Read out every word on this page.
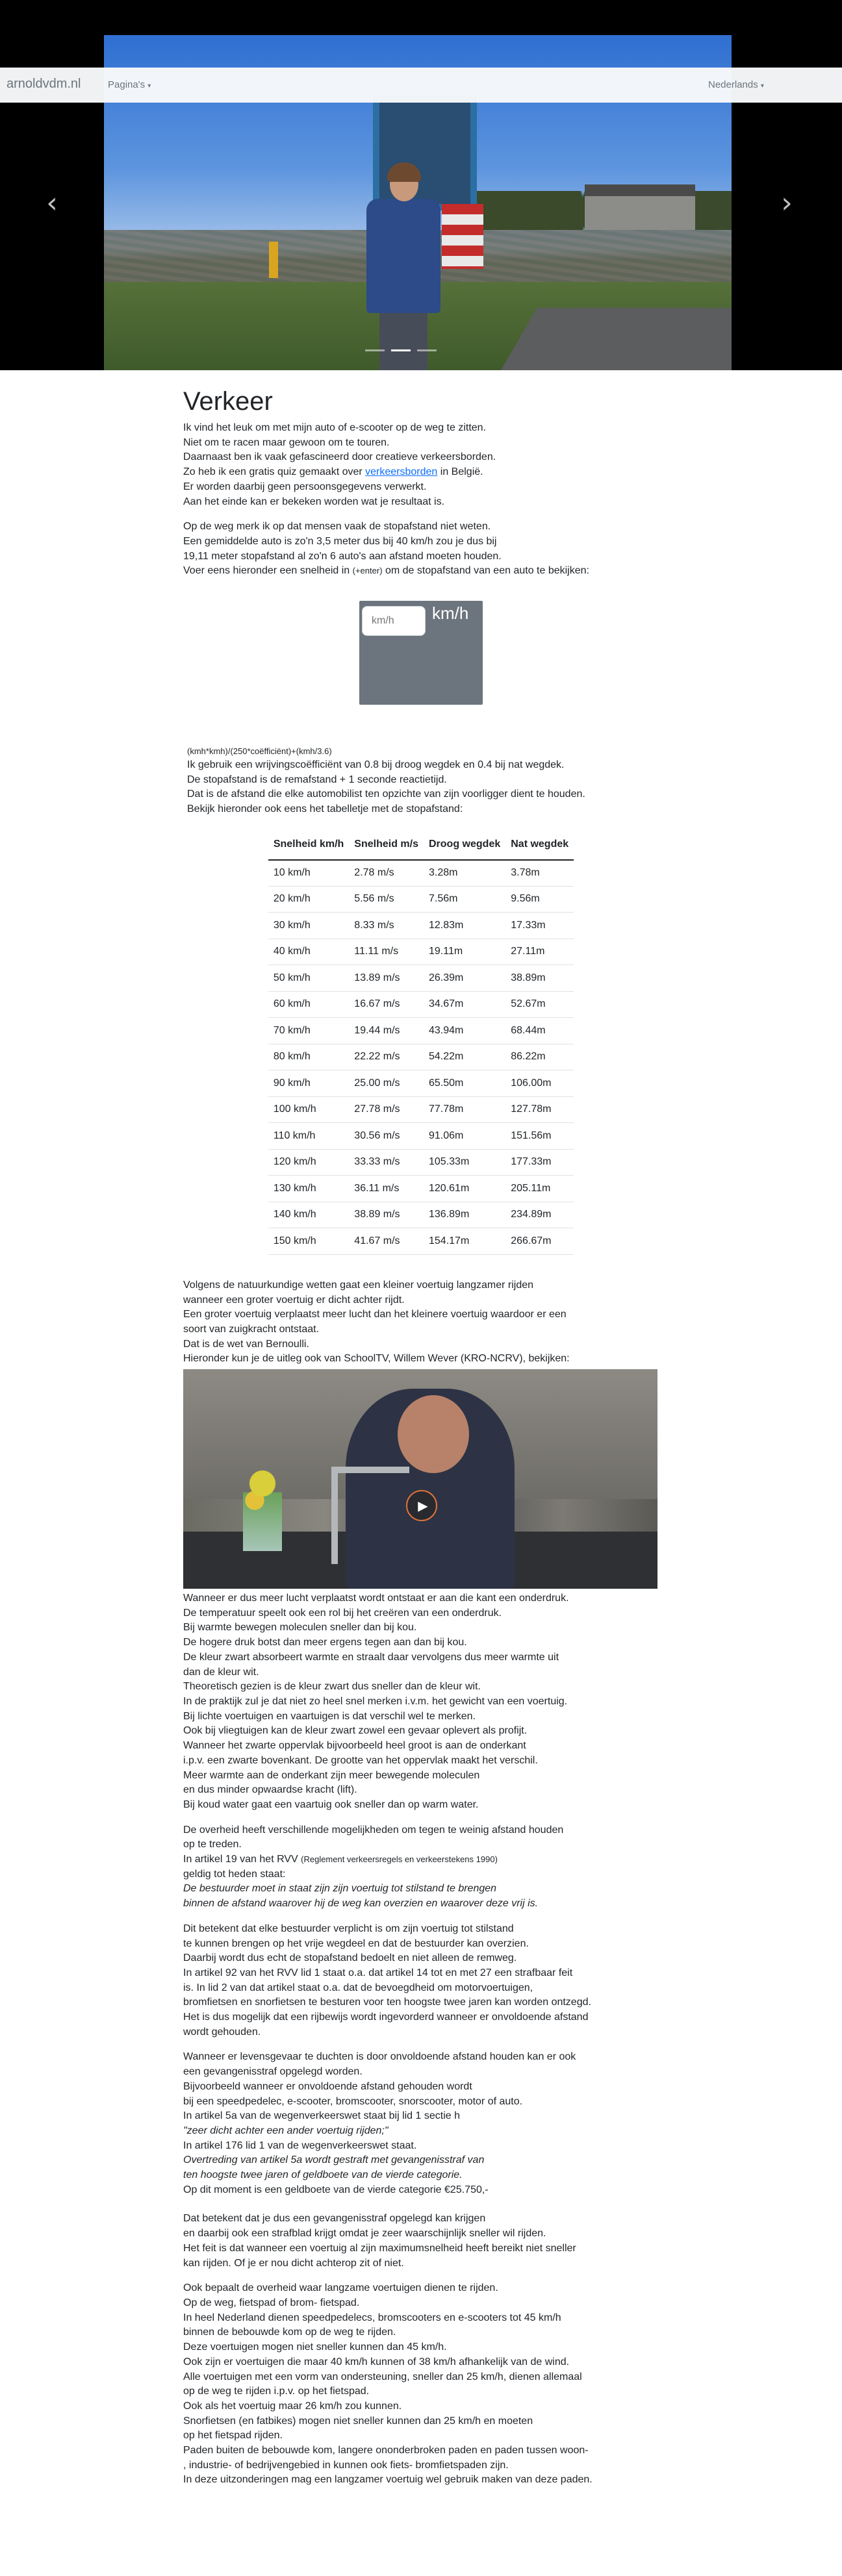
‹	›
arnoldvdm.nl	Pagina's ▾	Nederlands ▾
Verkeer
Ik vind het leuk om met mijn auto of e-scooter op de weg te zitten.
Niet om te racen maar gewoon om te touren.
Daarnaast ben ik vaak gefascineerd door creatieve verkeersborden.
Zo heb ik een gratis quiz gemaakt over verkeersborden in België.
Er worden daarbij geen persoonsgegevens verwerkt.
Aan het einde kan er bekeken worden wat je resultaat is.
Op de weg merk ik op dat mensen vaak de stopafstand niet weten.
Een gemiddelde auto is zo'n 3,5 meter dus bij 40 km/h zou je dus bij
19,11 meter stopafstand al zo'n 6 auto's aan afstand moeten houden.
Voer eens hieronder een snelheid in (+enter) om de stopafstand van een auto te bekijken:
km/h
km/h
(kmh*kmh)/(250*coëfficiënt)+(kmh/3.6)
Ik gebruik een wrijvingscoëfficiënt van 0.8 bij droog wegdek en 0.4 bij nat wegdek.
De stopafstand is de remafstand + 1 seconde reactietijd.
Dat is de afstand die elke automobilist ten opzichte van zijn voorligger dient te houden.
Bekijk hieronder ook eens het tabelletje met de stopafstand:
Snelheid km/h	Snelheid m/s	Droog wegdek	Nat wegdek
10 km/h	2.78 m/s	3.28m	3.78m
20 km/h	5.56 m/s	7.56m	9.56m
30 km/h	8.33 m/s	12.83m	17.33m
40 km/h	11.11 m/s	19.11m	27.11m
50 km/h	13.89 m/s	26.39m	38.89m
60 km/h	16.67 m/s	34.67m	52.67m
70 km/h	19.44 m/s	43.94m	68.44m
80 km/h	22.22 m/s	54.22m	86.22m
90 km/h	25.00 m/s	65.50m	106.00m
100 km/h	27.78 m/s	77.78m	127.78m
110 km/h	30.56 m/s	91.06m	151.56m
120 km/h	33.33 m/s	105.33m	177.33m
130 km/h	36.11 m/s	120.61m	205.11m
140 km/h	38.89 m/s	136.89m	234.89m
150 km/h	41.67 m/s	154.17m	266.67m
Volgens de natuurkundige wetten gaat een kleiner voertuig langzamer rijden
wanneer een groter voertuig er dicht achter rijdt.
Een groter voertuig verplaatst meer lucht dan het kleinere voertuig waardoor er een
soort van zuigkracht ontstaat.
Dat is de wet van Bernoulli.
Hieronder kun je de uitleg ook van SchoolTV, Willem Wever (KRO-NCRV), bekijken:
▶
Wanneer er dus meer lucht verplaatst wordt ontstaat er aan die kant een onderdruk.
De temperatuur speelt ook een rol bij het creëren van een onderdruk.
Bij warmte bewegen moleculen sneller dan bij kou.
De hogere druk botst dan meer ergens tegen aan dan bij kou.
De kleur zwart absorbeert warmte en straalt daar vervolgens dus meer warmte uit
dan de kleur wit.
Theoretisch gezien is de kleur zwart dus sneller dan de kleur wit.
In de praktijk zul je dat niet zo heel snel merken i.v.m. het gewicht van een voertuig.
Bij lichte voertuigen en vaartuigen is dat verschil wel te merken.
Ook bij vliegtuigen kan de kleur zwart zowel een gevaar oplevert als profijt.
Wanneer het zwarte oppervlak bijvoorbeeld heel groot is aan de onderkant
i.p.v. een zwarte bovenkant. De grootte van het oppervlak maakt het verschil.
Meer warmte aan de onderkant zijn meer bewegende moleculen
en dus minder opwaardse kracht (lift).
Bij koud water gaat een vaartuig ook sneller dan op warm water.
De overheid heeft verschillende mogelijkheden om tegen te weinig afstand houden
op te treden.
In artikel 19 van het RVV (Reglement verkeersregels en verkeerstekens 1990)
geldig tot heden staat:
De bestuurder moet in staat zijn zijn voertuig tot stilstand te brengen
binnen de afstand waarover hij de weg kan overzien en waarover deze vrij is.
Dit betekent dat elke bestuurder verplicht is om zijn voertuig tot stilstand
te kunnen brengen op het vrije wegdeel en dat de bestuurder kan overzien.
Daarbij wordt dus echt de stopafstand bedoelt en niet alleen de remweg.
In artikel 92 van het RVV lid 1 staat o.a. dat artikel 14 tot en met 27 een strafbaar feit
is. In lid 2 van dat artikel staat o.a. dat de bevoegdheid om motorvoertuigen,
bromfietsen en snorfietsen te besturen voor ten hoogste twee jaren kan worden ontzegd.
Het is dus mogelijk dat een rijbewijs wordt ingevorderd wanneer er onvoldoende afstand
wordt gehouden.
Wanneer er levensgevaar te duchten is door onvoldoende afstand houden kan er ook
een gevangenisstraf opgelegd worden.
Bijvoorbeeld wanneer er onvoldoende afstand gehouden wordt
bij een speedpedelec, e-scooter, bromscooter, snorscooter, motor of auto.
In artikel 5a van de wegenverkeerswet staat bij lid 1 sectie h
"zeer dicht achter een ander voertuig rijden;"
In artikel 176 lid 1 van de wegenverkeerswet staat.
Overtreding van artikel 5a wordt gestraft met gevangenisstraf van
ten hoogste twee jaren of geldboete van de vierde categorie.
Op dit moment is een geldboete van de vierde categorie €25.750,-
Dat betekent dat je dus een gevangenisstraf opgelegd kan krijgen
en daarbij ook een strafblad krijgt omdat je zeer waarschijnlijk sneller wil rijden.
Het feit is dat wanneer een voertuig al zijn maximumsnelheid heeft bereikt niet sneller
kan rijden. Of je er nou dicht achterop zit of niet.
Ook bepaalt de overheid waar langzame voertuigen dienen te rijden.
Op de weg, fietspad of brom- fietspad.
In heel Nederland dienen speedpedelecs, bromscooters en e-scooters tot 45 km/h
binnen de bebouwde kom op de weg te rijden.
Deze voertuigen mogen niet sneller kunnen dan 45 km/h.
Ook zijn er voertuigen die maar 40 km/h kunnen of 38 km/h afhankelijk van de wind.
Alle voertuigen met een vorm van ondersteuning, sneller dan 25 km/h, dienen allemaal
op de weg te rijden i.p.v. op het fietspad.
Ook als het voertuig maar 26 km/h zou kunnen.
Snorfietsen (en fatbikes) mogen niet sneller kunnen dan 25 km/h en moeten
op het fietspad rijden.
Paden buiten de bebouwde kom, langere ononderbroken paden en paden tussen woon-
, industrie- of bedrijvengebied in kunnen ook fiets- bromfietspaden zijn.
In deze uitzonderingen mag een langzamer voertuig wel gebruik maken van deze paden.
